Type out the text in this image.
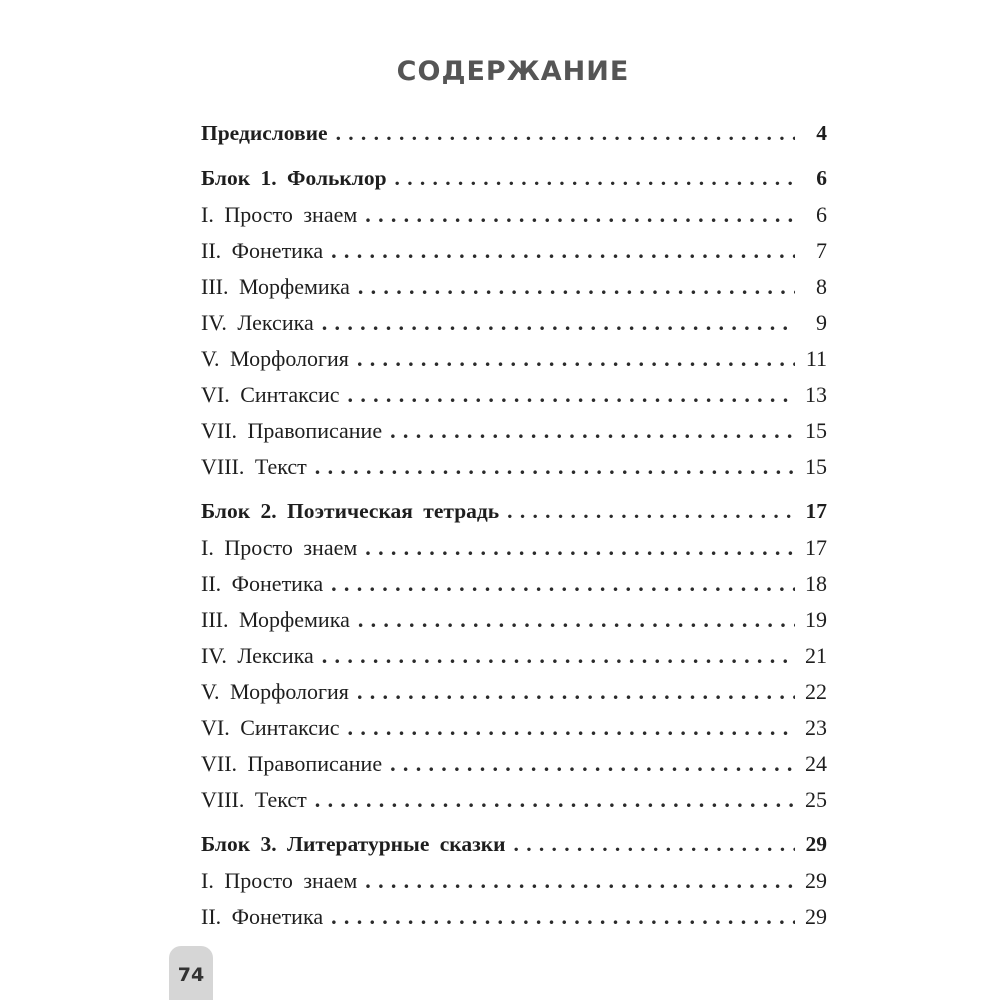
СОДЕРЖАНИЕ
Предисловие .....	4
Блок 1. Фольклор .....	6
I. Просто знаем .....	6
II. Фонетика .....	7
III. Морфемика .....	8
IV. Лексика .....	9
V. Морфология .....	11
VI. Синтаксис .....	13
VII. Правописание .....	15
VIII. Текст .....	15
Блок 2. Поэтическая тетрадь .....	17
I. Просто знаем .....	17
II. Фонетика .....	18
III. Морфемика .....	19
IV. Лексика .....	21
V. Морфология .....	22
VI. Синтаксис .....	23
VII. Правописание .....	24
VIII. Текст .....	25
Блок 3. Литературные сказки .....	29
I. Просто знаем .....	29
II. Фонетика .....	29
74
